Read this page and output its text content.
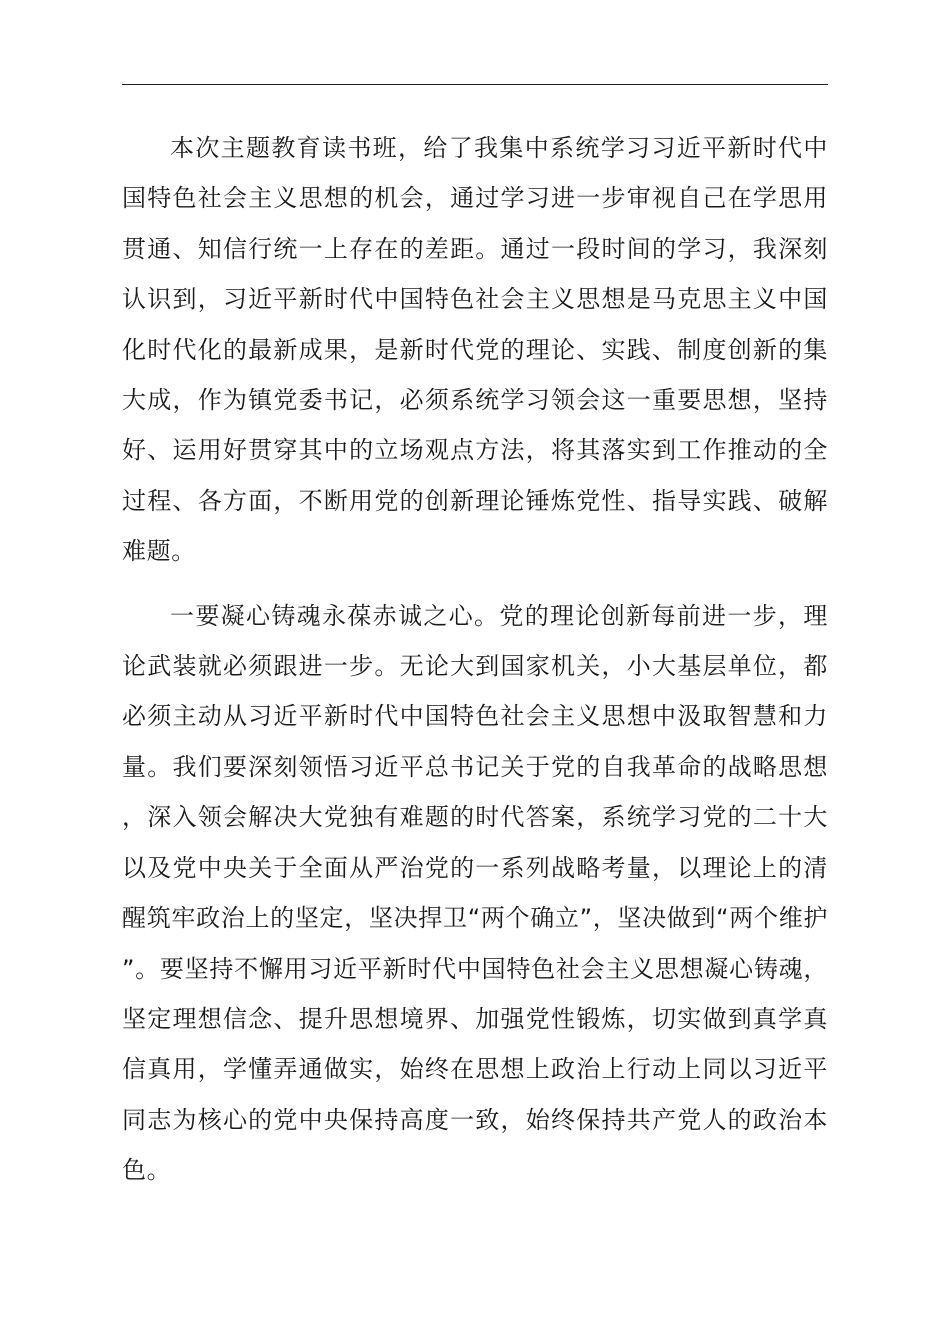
本次主题教育读书班，给了我集中系统学习习近平新时代中国特色社会主义思想的机会，通过学习进一步审视自己在学思用贯通、知信行统一上存在的差距。通过一段时间的学习，我深刻认识到，习近平新时代中国特色社会主义思想是马克思主义中国化时代化的最新成果，是新时代党的理论、实践、制度创新的集大成，作为镇党委书记，必须系统学习领会这一重要思想，坚持好、运用好贯穿其中的立场观点方法，将其落实到工作推动的全过程、各方面，不断用党的创新理论锤炼党性、指导实践、破解难题。

一要凝心铸魂永葆赤诚之心。党的理论创新每前进一步，理论武装就必须跟进一步。无论大到国家机关，小大基层单位，都必须主动从习近平新时代中国特色社会主义思想中汲取智慧和力量。我们要深刻领悟习近平总书记关于党的自我革命的战略思想，深入领会解决大党独有难题的时代答案，系统学习党的二十大以及党中央关于全面从严治党的一系列战略考量，以理论上的清醒筑牢政治上的坚定，坚决捍卫“两个确立”，坚决做到“两个维护”。要坚持不懈用习近平新时代中国特色社会主义思想凝心铸魂，坚定理想信念、提升思想境界、加强党性锻炼，切实做到真学真信真用，学懂弄通做实，始终在思想上政治上行动上同以习近平同志为核心的党中央保持高度一致，始终保持共产党人的政治本色。
